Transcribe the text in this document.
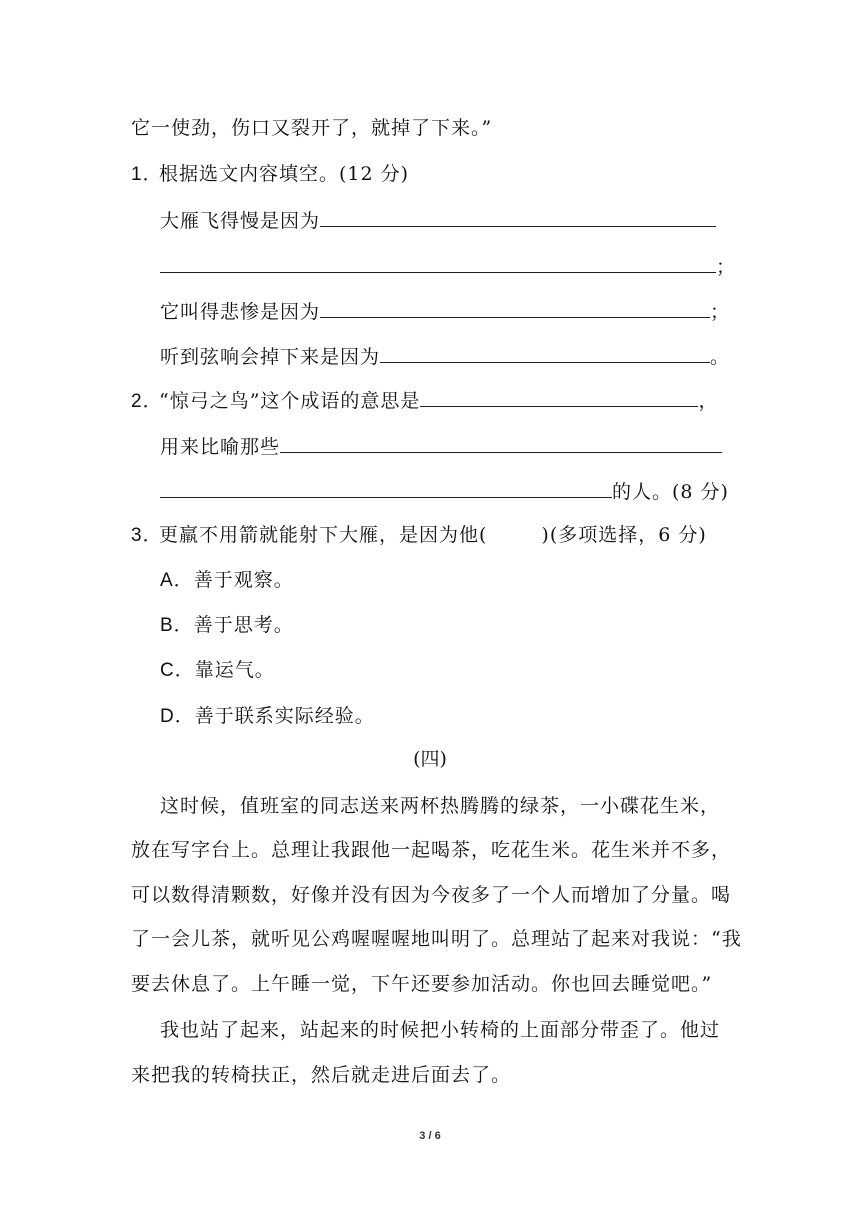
它一使劲，伤口又裂开了，就掉了下来。”
1．根据选文内容填空。(12 分)
大雁飞得慢是因为
；
它叫得悲惨是因为	；
听到弦响会掉下来是因为	。
2．“惊弓之鸟”这个成语的意思是	，
用来比喻那些
的人。(8 分)
3．更羸不用箭就能射下大雁，是因为他(	)(多项选择，6 分)
A．善于观察。
B．善于思考。
C．靠运气。
D．善于联系实际经验。
(四)
这时候，值班室的同志送来两杯热腾腾的绿茶，一小碟花生米，
放在写字台上。总理让我跟他一起喝茶，吃花生米。花生米并不多，
可以数得清颗数，好像并没有因为今夜多了一个人而增加了分量。喝
了一会儿茶，就听见公鸡喔喔喔地叫明了。总理站了起来对我说：“我
要去休息了。上午睡一觉，下午还要参加活动。你也回去睡觉吧。”
我也站了起来，站起来的时候把小转椅的上面部分带歪了。他过
来把我的转椅扶正，然后就走进后面去了。
3 / 6
